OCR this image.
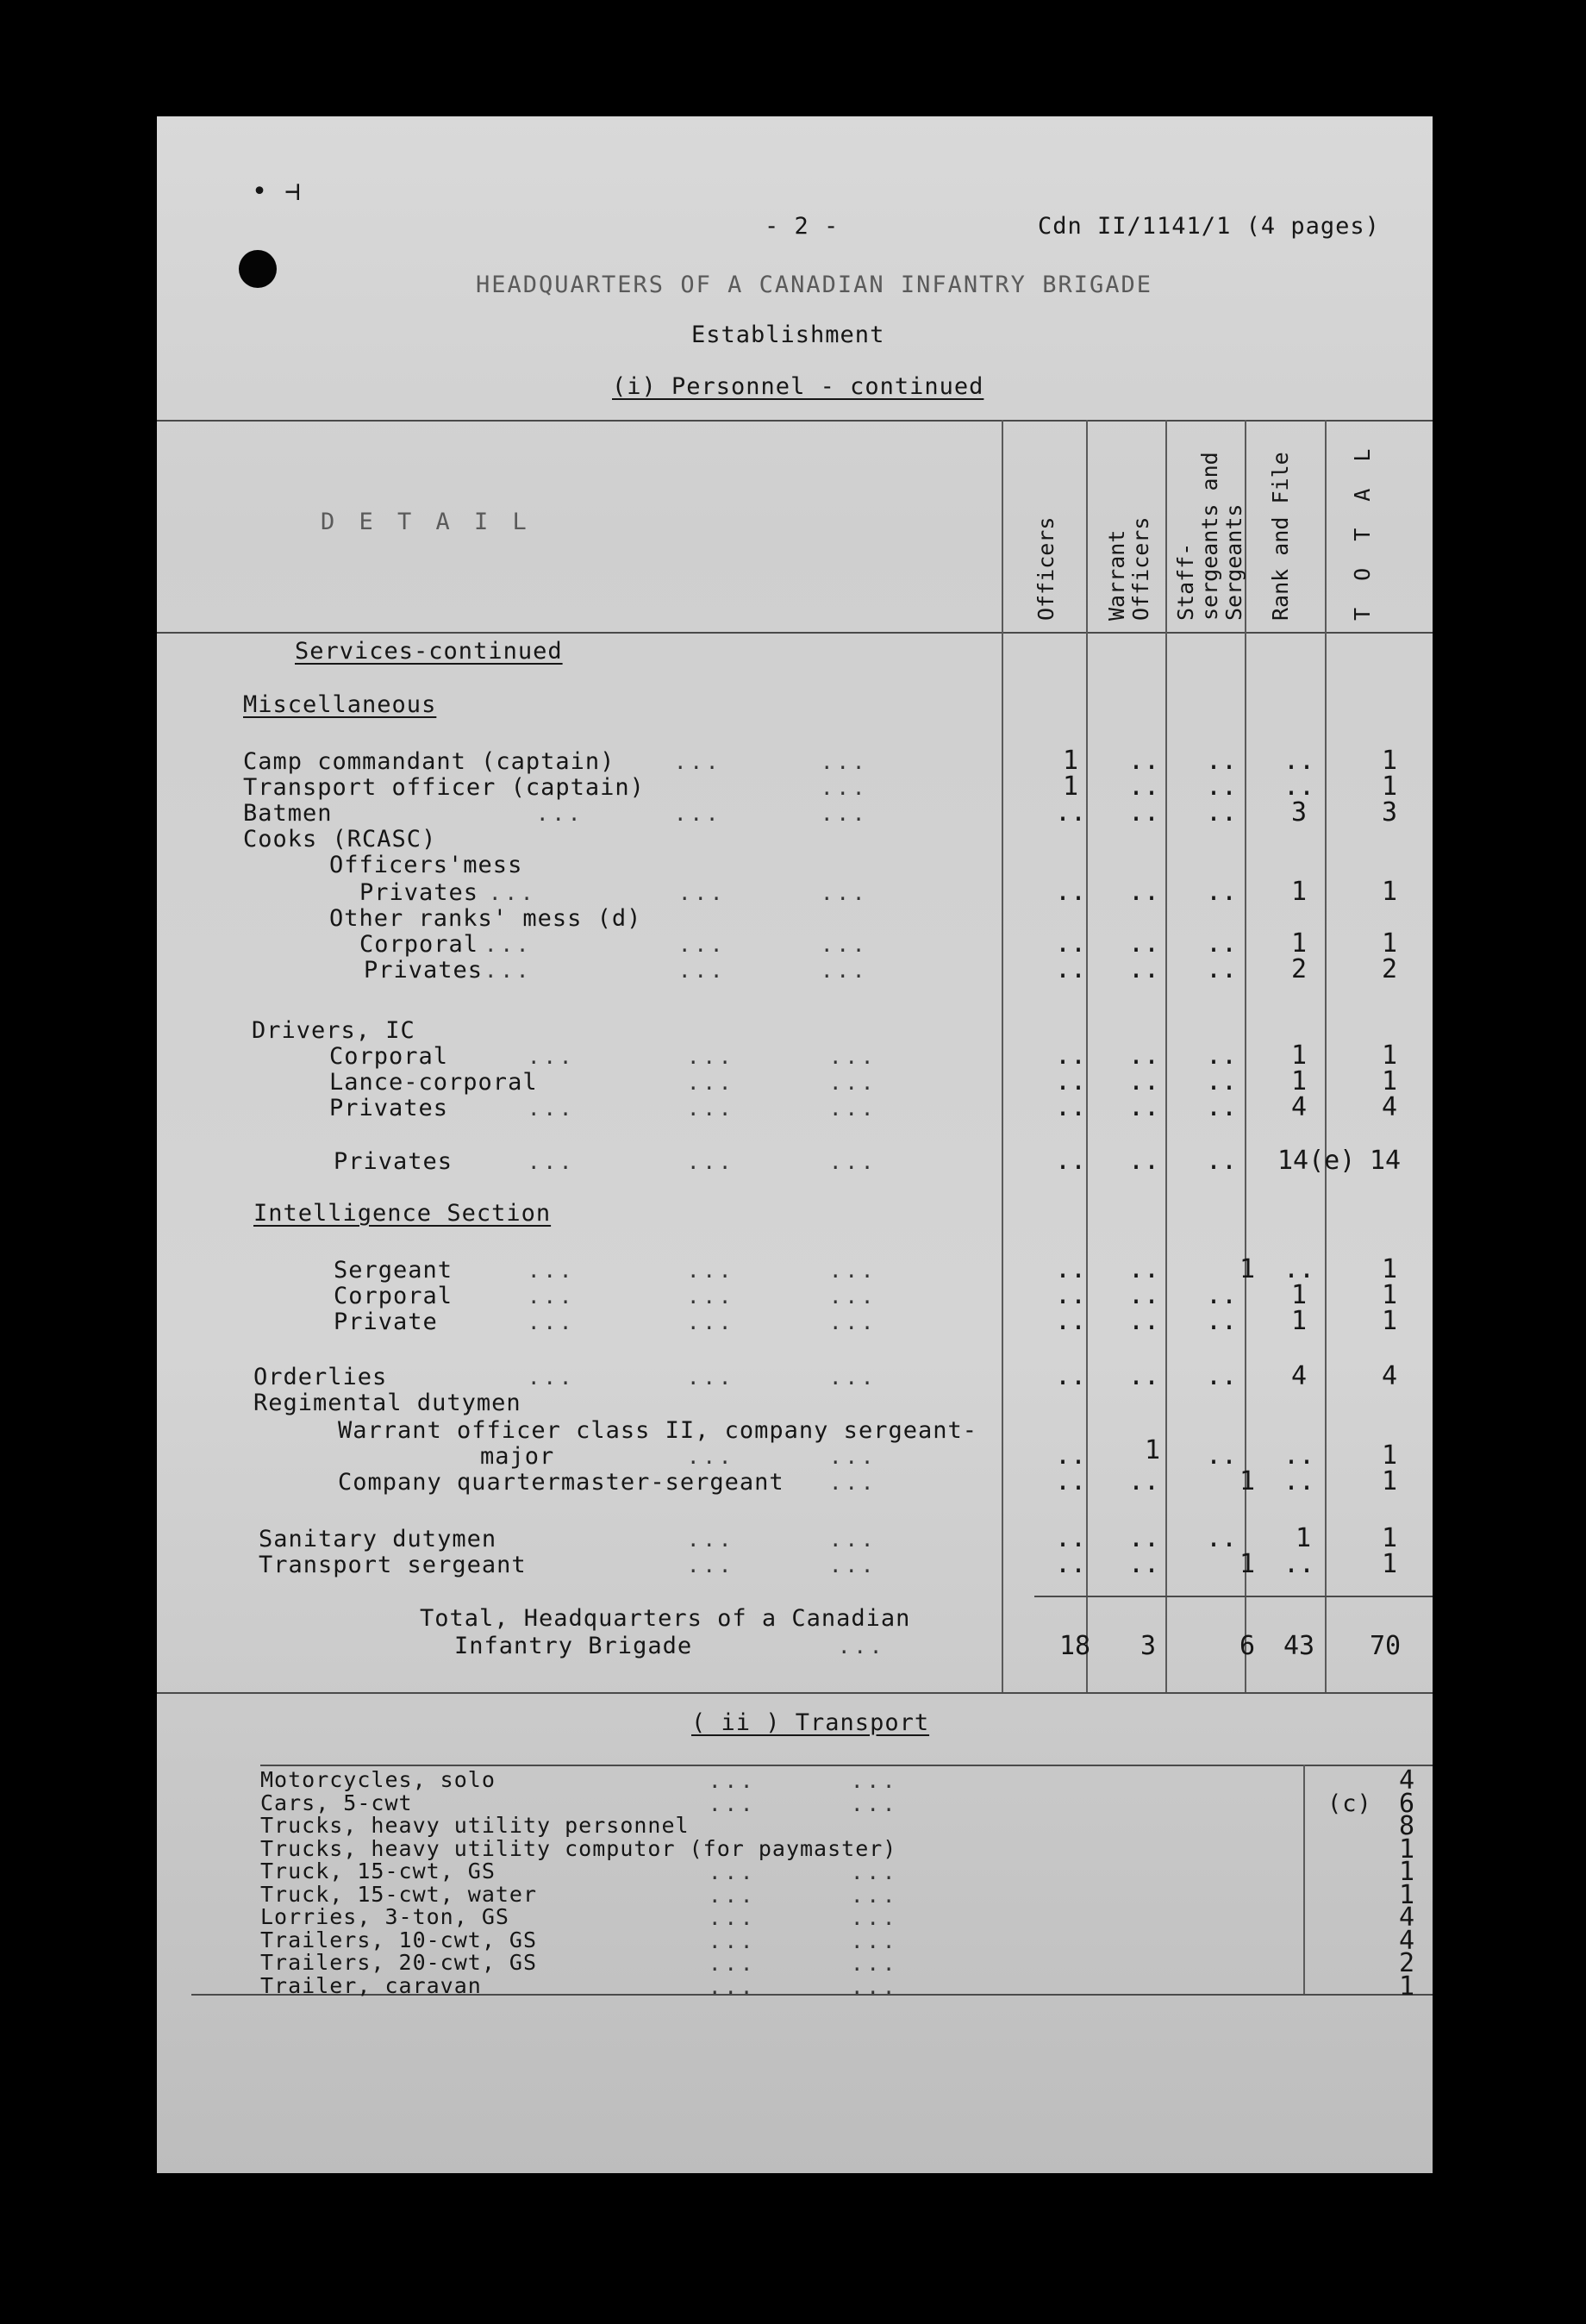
• ⊣
- 2 -	Cdn II/1141/1 (4 pages)
HEADQUARTERS OF A CANADIAN INFANTRY BRIGADE
Establishment
(i) Personnel - continued
D E T A I L	Officers Warrant
Officers Staff-
sergeants and
Sergeants Rank and File	T O T A L
Services-continued
Miscellaneous
Camp commandant (captain)	...	...	1	.. .. ..	1
Transport officer (captain)	...	1	.. .. ..	1
Batmen	...	...	...	.. .. ..	3	3
Cooks (RCASC)
Officers'mess
Privates ...	...	...	.. .. ..	1	1
Other ranks' mess (d)
Corporal ...	...	...	.. .. ..	1	1
Privates ...	...	...	.. .. ..	2	2
Drivers, IC
Corporal	...	...	...	.. .. ..	1	1
Lance-corporal	...	...	.. .. ..	1	1
Privates	...	...	...	.. .. ..	4	4
Privates	...	...	...	.. .. .. 14(e) 14
Intelligence Section
Sergeant	...	...	...	.. ..	1	..	1
Corporal	...	...	...	.. .. ..	1	1
Private	...	...	...	.. .. ..	1	1
Orderlies	...	...	...	.. .. ..	4	4
Regimental dutymen
Warrant officer class II, company sergeant-
major	...	...	..	1	.. ..	1
Company quartermaster-sergeant ...	.. ..	1	..	1
Sanitary dutymen	...	...	.. .. ..	1	1
Transport sergeant	...	...	.. ..	1	..	1
Total, Headquarters of a Canadian
Infantry Brigade	...	18	3	6	43 70
( ii ) Transport
(c)
Motorcycles, solo	...	...	4
Cars, 5-cwt	...	...	6
Trucks, heavy utility personnel	8
Trucks, heavy utility computor (for paymaster)	1
Truck, 15-cwt, GS	...	...	1
Truck, 15-cwt, water	...	...	1
Lorries, 3-ton, GS	...	...	4
Trailers, 10-cwt, GS	...	...	4
Trailers, 20-cwt, GS	...	...	2
Trailer, caravan	...	...	1
